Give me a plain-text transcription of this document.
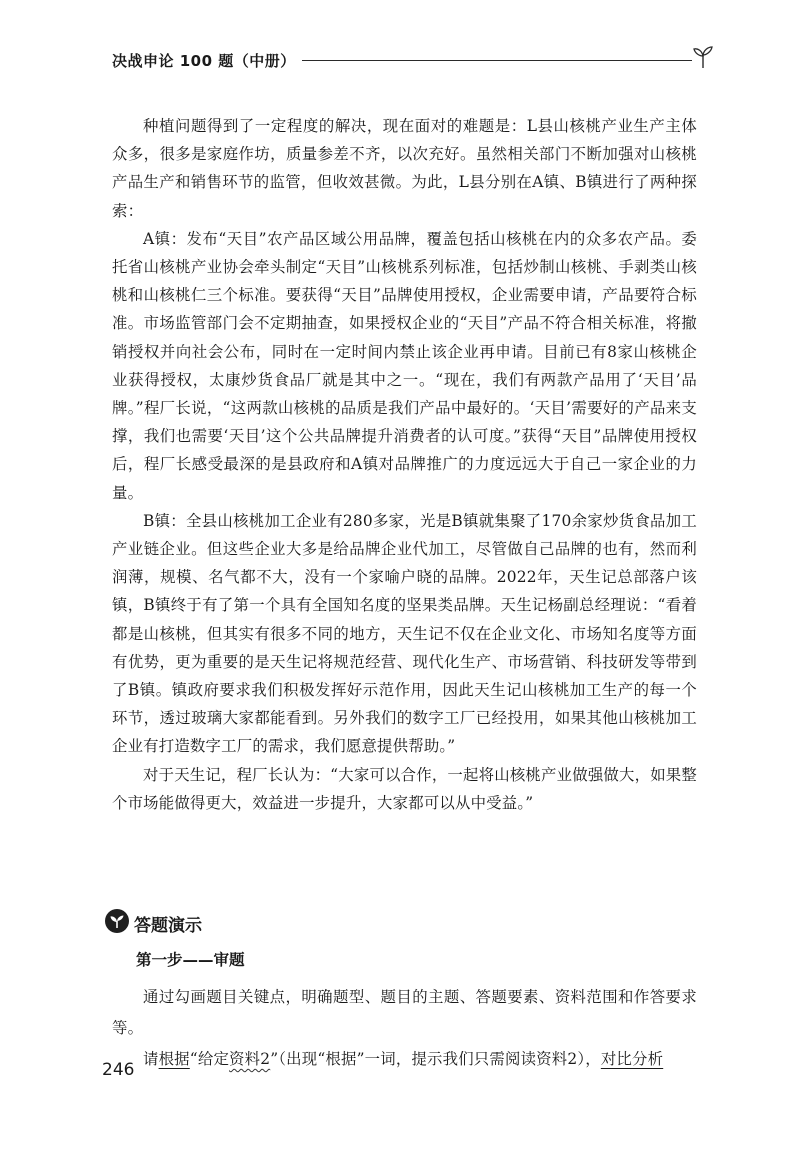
决战申论 100 题（中册）

种植问题得到了一定程度的解决，现在面对的难题是：L县山核桃产业生产主体众多，很多是家庭作坊，质量参差不齐，以次充好。虽然相关部门不断加强对山核桃产品生产和销售环节的监管，但收效甚微。为此，L县分别在A镇、B镇进行了两种探索：

A镇：发布“天目”农产品区域公用品牌，覆盖包括山核桃在内的众多农产品。委托省山核桃产业协会牵头制定“天目”山核桃系列标准，包括炒制山核桃、手剥类山核桃和山核桃仁三个标准。要获得“天目”品牌使用授权，企业需要申请，产品要符合标准。市场监管部门会不定期抽查，如果授权企业的“天目”产品不符合相关标准，将撤销授权并向社会公布，同时在一定时间内禁止该企业再申请。目前已有8家山核桃企业获得授权，太康炒货食品厂就是其中之一。“现在，我们有两款产品用了‘天目’品牌。”程厂长说，“这两款山核桃的品质是我们产品中最好的。‘天目’需要好的产品来支撑，我们也需要‘天目’这个公共品牌提升消费者的认可度。”获得“天目”品牌使用授权后，程厂长感受最深的是县政府和A镇对品牌推广的力度远远大于自己一家企业的力量。

B镇：全县山核桃加工企业有280多家，光是B镇就集聚了170余家炒货食品加工产业链企业。但这些企业大多是给品牌企业代加工，尽管做自己品牌的也有，然而利润薄，规模、名气都不大，没有一个家喻户晓的品牌。2022年，天生记总部落户该镇，B镇终于有了第一个具有全国知名度的坚果类品牌。天生记杨副总经理说：“看着都是山核桃，但其实有很多不同的地方，天生记不仅在企业文化、市场知名度等方面有优势，更为重要的是天生记将规范经营、现代化生产、市场营销、科技研发等带到了B镇。镇政府要求我们积极发挥好示范作用，因此天生记山核桃加工生产的每一个环节，透过玻璃大家都能看到。另外我们的数字工厂已经投用，如果其他山核桃加工企业有打造数字工厂的需求，我们愿意提供帮助。”

对于天生记，程厂长认为：“大家可以合作，一起将山核桃产业做强做大，如果整个市场能做得更大，效益进一步提升，大家都可以从中受益。”

答题演示
第一步——审题

通过勾画题目关键点，明确题型、题目的主题、答题要素、资料范围和作答要求等。

请根据“给定资料2”（出现“根据”一词，提示我们只需阅读资料2），对比分析

246
